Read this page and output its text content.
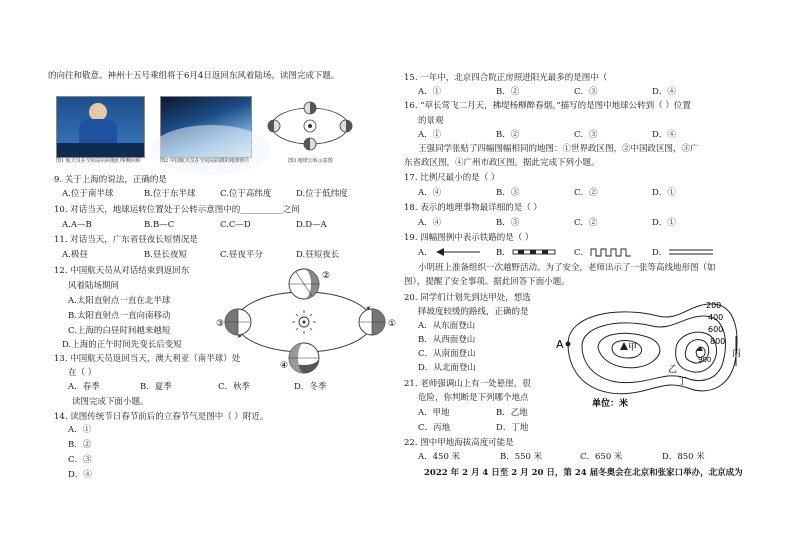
的向往和敬意。神州十五号乘组将于6月4日返回东风着陆场。读图完成下题。
图1 航天员在空间站向同胞们华晚问候	图2 中国航天员在空间站拍摄的地球照片	图3 地球公转示意图
9. 关于上海的说法，正确的是
A.位于南半球	B.位于东半球	C.位于高纬度	D.位于低纬度
10. 对话当天，地球运转位置处于公转示意图中的__________之间
A.A—B	B.B—C	C.C—D	D.D—A
11. 对话当天，广东省昼夜长短情况是
A.极昼	B.昼长夜短	C.昼夜平分	D.昼短夜长
12. 中国航天员从对话结束到返回东
风着陆场期间
A.太阳直射点一直在北半球
B.太阳直射点一直向南移动
C.上海的白昼时间越来越短
D.上海的正午时间先变长后变短
13. 中国航天员返回当天，澳大利亚（南半球）处
在（ ）
A．春季	B．夏季	C．秋季	D．冬季
读图完成下面小题。
14. 读图传统节日春节前后的立春节气是图中（ ）附近。
A．①
B．②
C．③
D．④
②
①
④
③
15. 一年中，北京四合院正房照进阳光最多的是图中（
A．①	B．②	C．③	D．④
16. “草长莺飞二月天，拂堤杨柳醉春烟。”描写的是图中地球公转到（ ）位置
的景观
A．①	B．②	C．③	D．④
王强同学张贴了四幅图幅相同的地图：①世界政区图，②中国政区图，③广
东省政区图，④广州市政区图。据此完成下列小题。
17. 比例尺最小的是（ ）
A．④	B．③	C．②	D．①
18. 表示的地理事物最详细的是（ ）
A．④	B．③	C．②	D．①
19. 四幅图例中表示铁路的是（ ）
A．	B．	C．	D．
小明班上准备组织一次越野活动。为了安全，老师出示了一张等高线地形图（如
图），提醒了安全事项。据此回答下面小题。
20. 同学们计划先到达甲处，想选
择坡度较缓的路线，正确的是
A．从东面登山
B．从西面登山
C．从南面登山
D．从北面登山
21. 老师强调山上有一处悬崖，很
危险，你判断是下列哪个地点
A．甲地	B．乙地
C．丙地	D．丁地
22. 图中甲地海拔高度可能是
A．450 米	B．550 米	C．650 米	D．850 米
2022 年 2 月 4 日至 2 月 20 日，第 24 届冬奥会在北京和张家口举办，北京成为
A	甲
乙
丁
丙
200
400
600
800
900
单位：米
